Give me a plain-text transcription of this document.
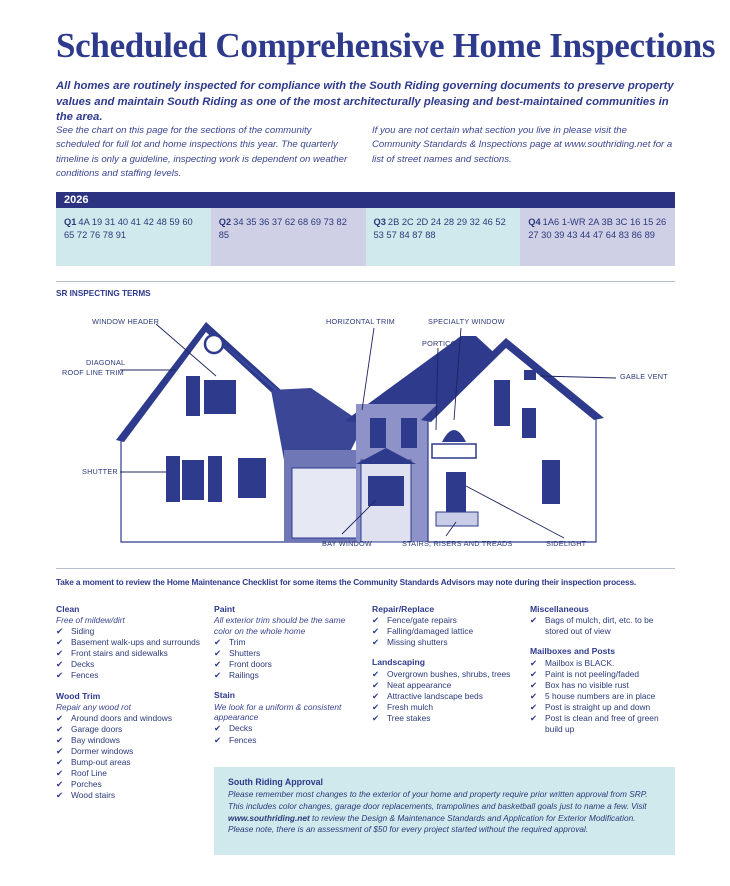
Scheduled Comprehensive Home Inspections
All homes are routinely inspected for compliance with the South Riding governing documents to preserve property values and maintain South Riding as one of the most architecturally pleasing and best-maintained communities in the area.
See the chart on this page for the sections of the community scheduled for full lot and home inspections this year. The quarterly timeline is only a guideline, inspecting work is dependent on weather conditions and staffing levels.
If you are not certain what section you live in please visit the Community Standards & Inspections page at www.southriding.net for a list of street names and sections.
2026
Q1 4A 19 31 40 41 42 48 59 60 65 72 76 78 91
Q2 34 35 36 37 62 68 69 73 82 85
Q3 2B 2C 2D 24 28 29 32 46 52 53 57 84 87 88
Q4 1A6 1-WR 2A 3B 3C 16 15 26 27 30 39 43 44 47 64 83 86 89
SR INSPECTING TERMS
WINDOW HEADER
DIAGONAL
ROOF LINE TRIM
HORIZONTAL TRIM	SPECIALTY WINDOW
PORTICO
GABLE VENT
SHUTTER
BAY WINDOW	STAIRS, RISERS AND TREADS	SIDELIGHT
Take a moment to review the Home Maintenance Checklist for some items the Community Standards Advisors may note during their inspection process.
Clean
Free of mildew/dirt
✔ Siding
✔ Basement walk-ups and surrounds
✔ Front stairs and sidewalks
✔ Decks
✔ Fences
Wood Trim
Repair any wood rot
✔ Around doors and windows
✔ Garage doors
✔ Bay windows
✔ Dormer windows
✔ Bump-out areas
✔ Roof Line
✔ Porches
✔ Wood stairs
Paint
All exterior trim should be the same color on the whole home
✔ Trim
✔ Shutters
✔ Front doors
✔ Railings
Stain
We look for a uniform & consistent appearance
✔ Decks
✔ Fences
Repair/Replace
✔ Fence/gate repairs
✔ Falling/damaged lattice
✔ Missing shutters
Landscaping
✔ Overgrown bushes, shrubs, trees
✔ Neat appearance
✔ Attractive landscape beds
✔ Fresh mulch
✔ Tree stakes
Miscellaneous
✔ Bags of mulch, dirt, etc. to be stored out of view
Mailboxes and Posts
✔ Mailbox is BLACK.
✔ Paint is not peeling/faded
✔ Box has no visible rust
✔ 5 house numbers are in place
✔ Post is straight up and down
✔ Post is clean and free of green build up
South Riding Approval

Please remember most changes to the exterior of your home and property require prior written approval from SRP. This includes color changes, garage door replacements, trampolines and basketball goals just to name a few. Visit www.southriding.net to review the Design & Maintenance Standards and Application for Exterior Modification. Please note, there is an assessment of $50 for every project started without the required approval.
